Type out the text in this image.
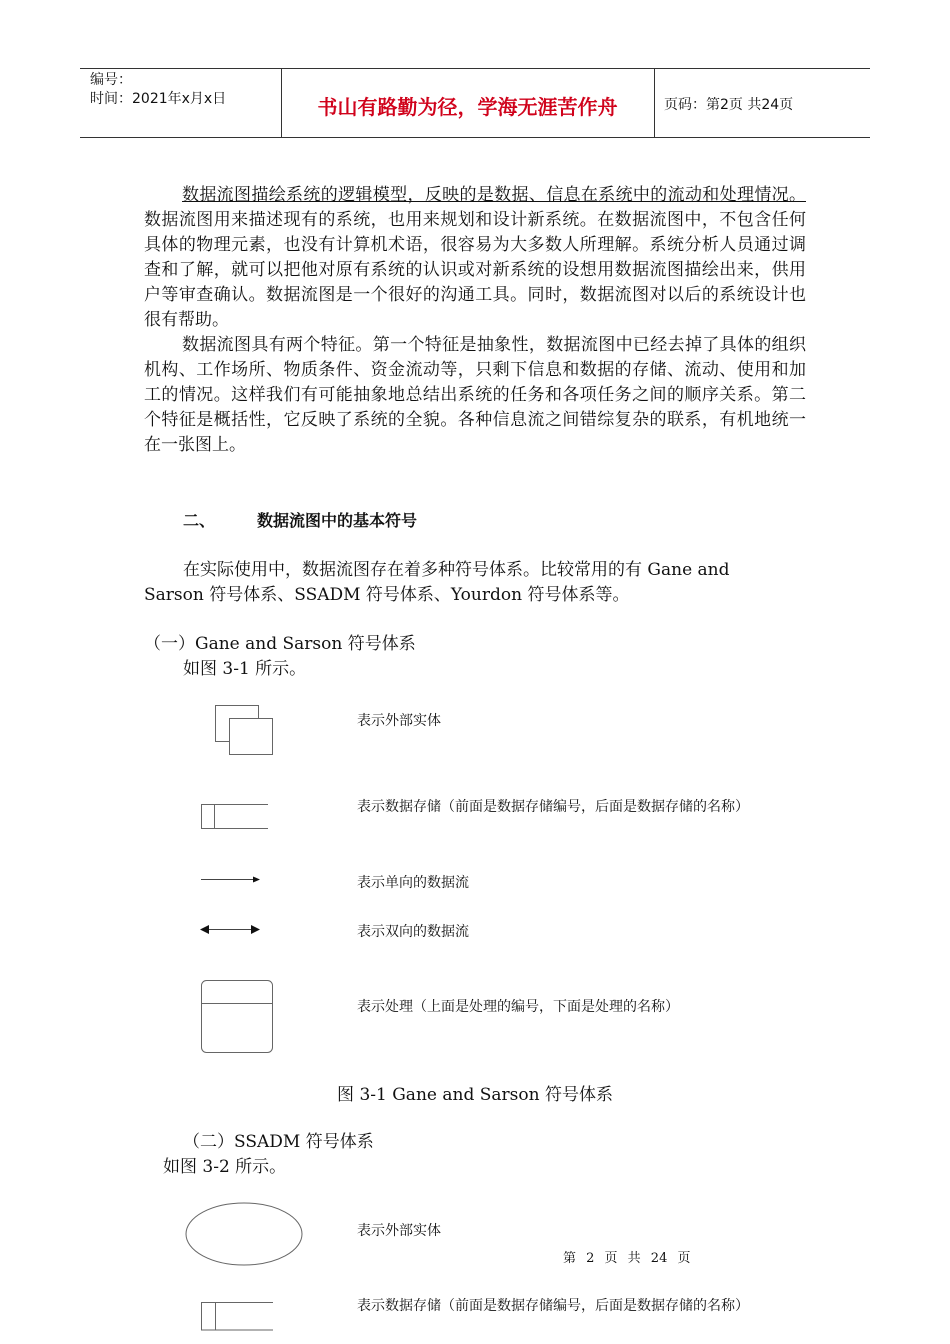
编号：
时间：2021年x月x日	书山有路勤为径，学海无涯苦作舟	页码：第2页 共24页

数据流图描绘系统的逻辑模型，反映的是数据、信息在系统中的流动和处理情况。数据流图用来描述现有的系统，也用来规划和设计新系统。在数据流图中，不包含任何具体的物理元素，也没有计算机术语，很容易为大多数人所理解。系统分析人员通过调查和了解，就可以把他对原有系统的认识或对新系统的设想用数据流图描绘出来，供用户等审查确认。数据流图是一个很好的沟通工具。同时，数据流图对以后的系统设计也很有帮助。

数据流图具有两个特征。第一个特征是抽象性，数据流图中已经去掉了具体的组织机构、工作场所、物质条件、资金流动等，只剩下信息和数据的存储、流动、使用和加工的情况。这样我们有可能抽象地总结出系统的任务和各项任务之间的顺序关系。第二个特征是概括性，它反映了系统的全貌。各种信息流之间错综复杂的联系，有机地统一在一张图上。

二、	数据流图中的基本符号
在实际使用中，数据流图存在着多种符号体系。比较常用的有 Gane and
Sarson 符号体系、SSADM 符号体系、Yourdon 符号体系等。
（一）Gane and Sarson 符号体系
如图 3-1 所示。
表示外部实体
表示数据存储（前面是数据存储编号，后面是数据存储的名称）
表示单向的数据流
表示双向的数据流
表示处理（上面是处理的编号，下面是处理的名称）
图 3-1 Gane and Sarson 符号体系
（二）SSADM 符号体系
如图 3-2 所示。
表示外部实体
表示数据存储（前面是数据存储编号，后面是数据存储的名称）
第 2 页 共 24 页
